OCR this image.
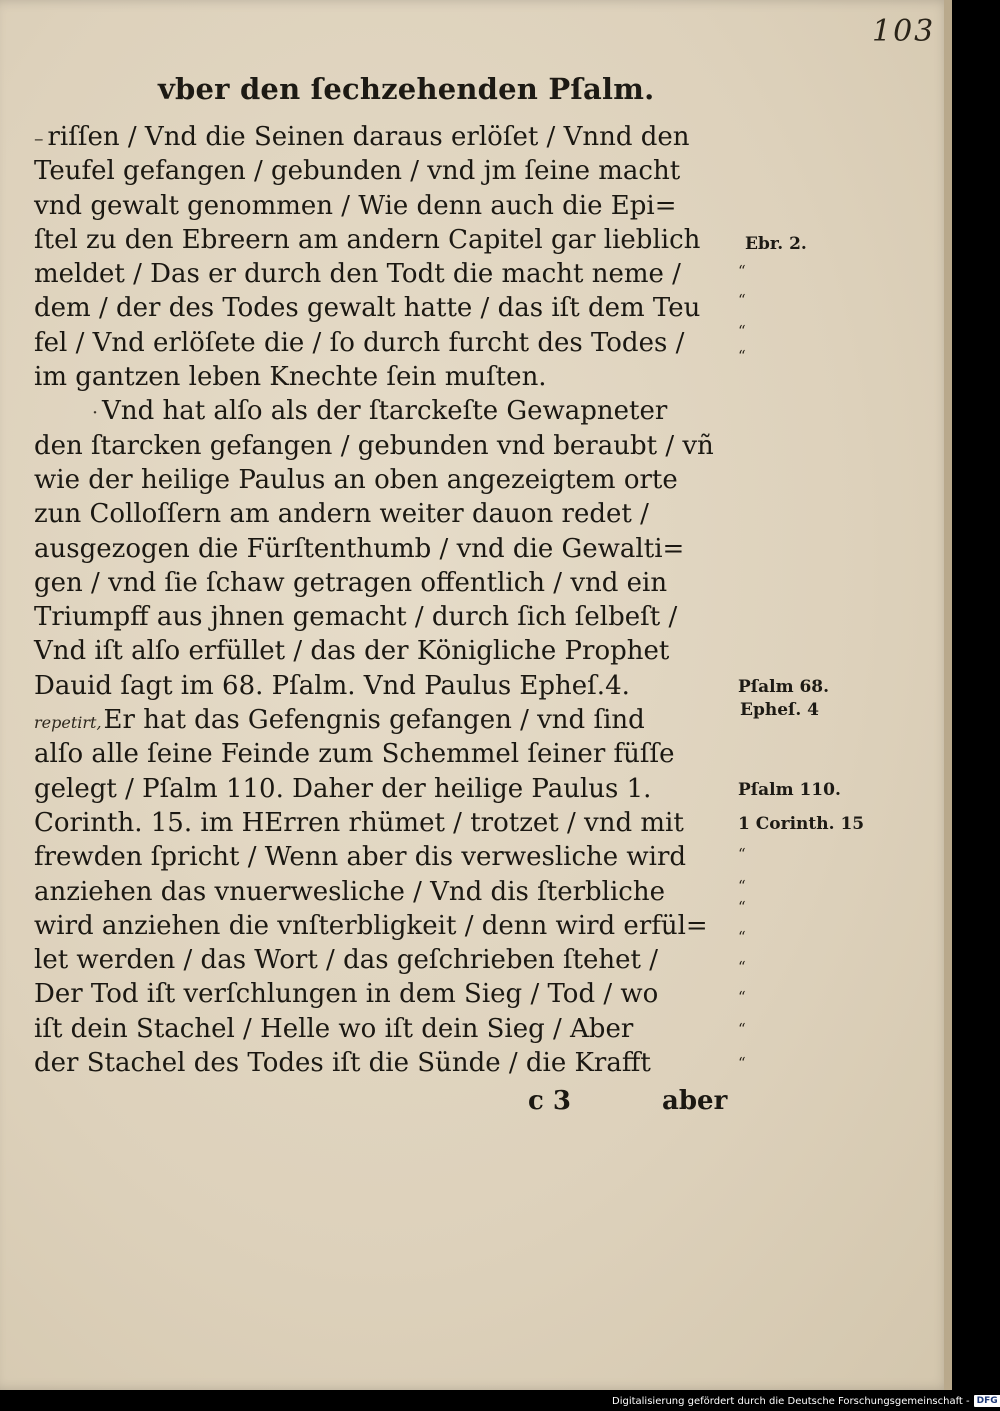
103
vber den ſechzehenden Pſalm.
– riſſen / Vnd die Seinen daraus erlöſet / Vnnd den
Teufel gefangen / gebunden / vnd jm ſeine macht
vnd gewalt genommen / Wie denn auch die Epi=
ſtel zu den Ebreern am andern Capitel gar lieblich
meldet / Das er durch den Todt die macht neme /
dem / der des Todes gewalt hatte / das iſt dem Teu
fel / Vnd erlöſete die / ſo durch furcht des Todes /
im gantzen leben Knechte ſein muſten.
· Vnd hat alſo als der ſtarckeſte Gewapneter
den ſtarcken gefangen / gebunden vnd beraubt / vñ
wie der heilige Paulus an oben angezeigtem orte
zun Colloſſern am andern weiter dauon redet /
ausgezogen die Fürſtenthumb / vnd die Gewalti=
gen / vnd ſie ſchaw getragen offentlich / vnd ein
Triumpff aus jhnen gemacht / durch ſich ſelbeſt /
Vnd iſt alſo erfüllet / das der Königliche Prophet
Dauid ſagt im 68. Pſalm. Vnd Paulus Epheſ.4.
repetirt,Er hat das Gefengnis gefangen / vnd ſind
alſo alle ſeine Feinde zum Schemmel ſeiner füſſe
gelegt / Pſalm 110. Daher der heilige Paulus 1.
Corinth. 15. im HErren rhümet / trotzet / vnd mit
frewden ſpricht / Wenn aber dis verwesliche wird
anziehen das vnuerwesliche / Vnd dis ſterbliche
wird anziehen die vnſterbligkeit / denn wird erfül=
let werden / das Wort / das geſchrieben ſtehet /
Der Tod iſt verſchlungen in dem Sieg / Tod / wo
iſt dein Stachel / Helle wo iſt dein Sieg / Aber
der Stachel des Todes iſt die Sünde / die Krafft
Ebr. 2.
Pſalm 68.
Epheſ. 4
Pſalm 110.
1 Corinth. 15
“
“
“
“
“
“
“
“
“
“
“
“
c 3	aber
Digitalisierung gefördert durch die Deutsche Forschungsgemeinschaft - DFG
